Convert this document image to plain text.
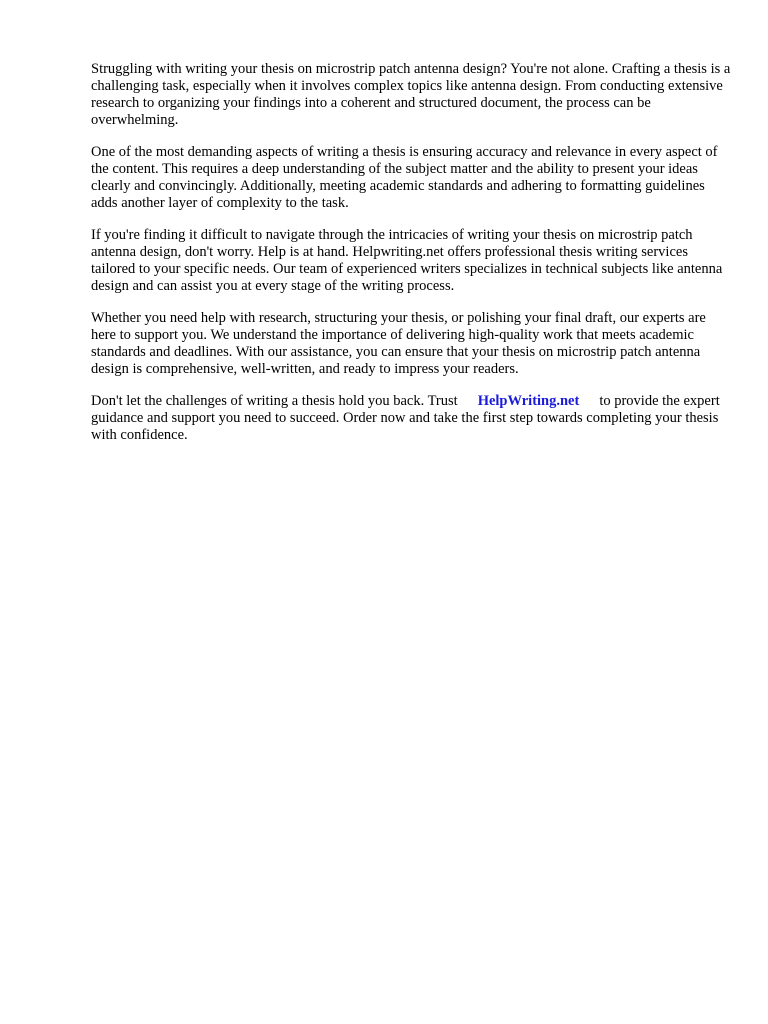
Struggling with writing your thesis on microstrip patch antenna design? You're not alone. Crafting a thesis is a challenging task, especially when it involves complex topics like antenna design. From conducting extensive research to organizing your findings into a coherent and structured document, the process can be overwhelming.

One of the most demanding aspects of writing a thesis is ensuring accuracy and relevance in every aspect of the content. This requires a deep understanding of the subject matter and the ability to present your ideas clearly and convincingly. Additionally, meeting academic standards and adhering to formatting guidelines adds another layer of complexity to the task.

If you're finding it difficult to navigate through the intricacies of writing your thesis on microstrip patch antenna design, don't worry. Help is at hand. Helpwriting.net offers professional thesis writing services tailored to your specific needs. Our team of experienced writers specializes in technical subjects like antenna design and can assist you at every stage of the writing process.

Whether you need help with research, structuring your thesis, or polishing your final draft, our experts are here to support you. We understand the importance of delivering high-quality work that meets academic standards and deadlines. With our assistance, you can ensure that your thesis on microstrip patch antenna design is comprehensive, well-written, and ready to impress your readers.

Don't let the challenges of writing a thesis hold you back. Trust HelpWriting.net to provide the expert guidance and support you need to succeed. Order now and take the first step towards completing your thesis with confidence.
